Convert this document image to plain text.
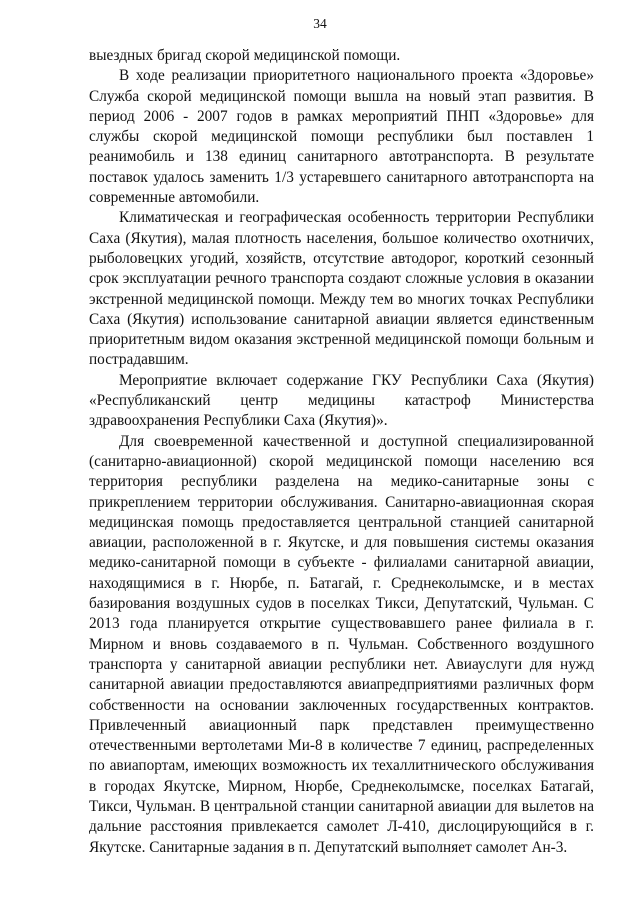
34

выездных бригад скорой медицинской помощи.

В ходе реализации приоритетного национального проекта «Здоровье» Служба скорой медицинской помощи вышла на новый этап развития. В период 2006 - 2007 годов в рамках мероприятий ПНП «Здоровье» для службы скорой медицинской помощи республики был поставлен 1 реанимобиль и 138 единиц санитарного автотранспорта. В результате поставок удалось заменить 1/3 устаревшего санитарного автотранспорта на современные автомобили.

Климатическая и географическая особенность территории Республики Саха (Якутия), малая плотность населения, большое количество охотничих, рыболовецких угодий, хозяйств, отсутствие автодорог, короткий сезонный срок эксплуатации речного транспорта создают сложные условия в оказании экстренной медицинской помощи. Между тем во многих точках Республики Саха (Якутия) использование санитарной авиации является единственным приоритетным видом оказания экстренной медицинской помощи больным и пострадавшим.

Мероприятие включает содержание ГКУ Республики Саха (Якутия) «Республиканский центр медицины катастроф Министерства здравоохранения Республики Саха (Якутия)».

Для своевременной качественной и доступной специализированной (санитарно-авиационной) скорой медицинской помощи населению вся территория республики разделена на медико-санитарные зоны с прикреплением территории обслуживания. Санитарно-авиационная скорая медицинская помощь предоставляется центральной станцией санитарной авиации, расположенной в г. Якутске, и для повышения системы оказания медико-санитарной помощи в субъекте - филиалами санитарной авиации, находящимися в г. Нюрбе, п. Батагай, г. Среднеколымске, и в местах базирования воздушных судов в поселках Тикси, Депутатский, Чульман. С 2013 года планируется открытие существовавшего ранее филиала в г. Мирном и вновь создаваемого в п. Чульман. Собственного воздушного транспорта у санитарной авиации республики нет. Авиауслуги для нужд санитарной авиации предоставляются авиапредприятиями различных форм собственности на основании заключенных государственных контрактов. Привлеченный авиационный парк представлен преимущественно отечественными вертолетами Ми-8 в количестве 7 единиц, распределенных по авиапортам, имеющих возможность их техаллитнического обслуживания в городах Якутске, Мирном, Нюрбе, Среднеколымске, поселках Батагай, Тикси, Чульман. В центральной станции санитарной авиации для вылетов на дальние расстояния привлекается самолет Л-410, дислоцирующийся в г. Якутске. Санитарные задания в п. Депутатский выполняет самолет Ан-3.
